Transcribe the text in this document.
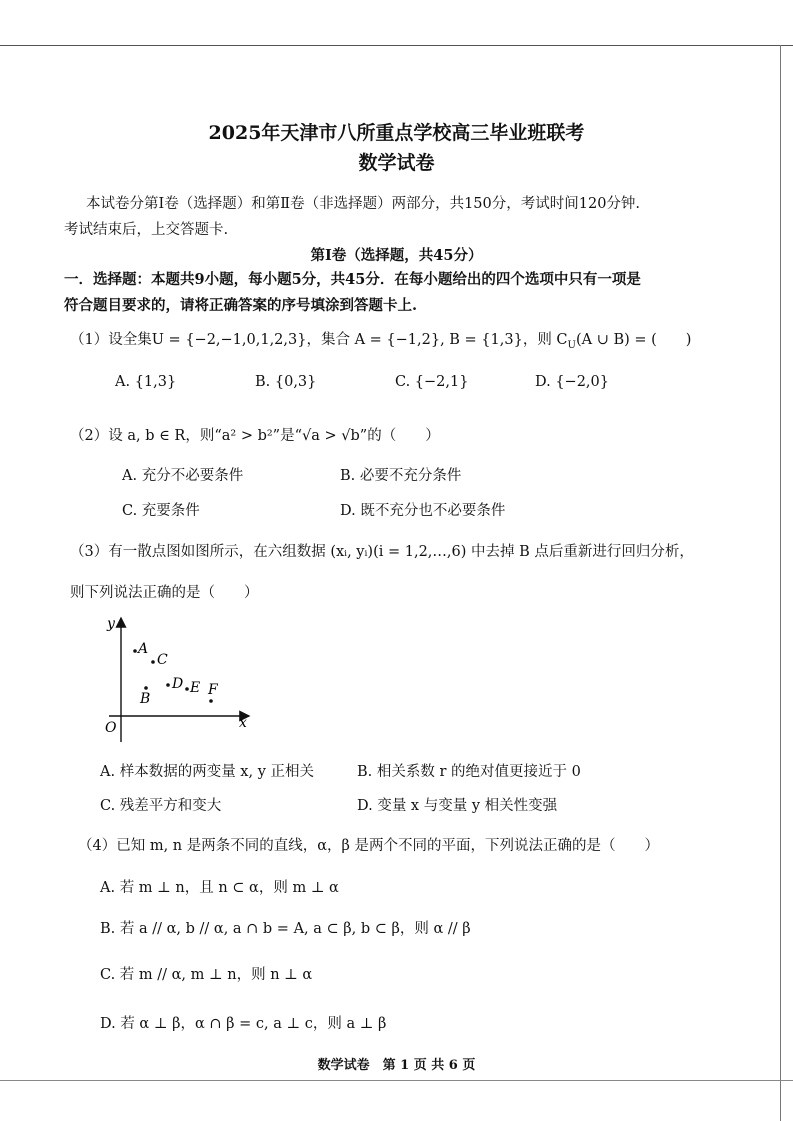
2025年天津市八所重点学校高三毕业班联考
数学试卷
本试卷分第Ⅰ卷（选择题）和第Ⅱ卷（非选择题）两部分，共150分，考试时间120分钟.
考试结束后，上交答题卡.
第Ⅰ卷（选择题，共45分）
一．选择题：本题共9小题，每小题5分，共45分．在每小题给出的四个选项中只有一项是
符合题目要求的，请将正确答案的序号填涂到答题卡上.
（1）设全集U = {−2,−1,0,1,2,3}，集合 A = {−1,2}, B = {1,3}，则 $C_U(A$ ∪ B) = (　　)
A. {1,3}	B. {0,3}	C. {−2,1}	D. {−2,0}
（2）设 a, b ∈ R，则“a² > b²”是“√a > √b”的（　　）
A. 充分不必要条件	B. 必要不充分条件
C. 充要条件	D. 既不充分也不必要条件
（3）有一散点图如图所示，在六组数据 (xᵢ, yᵢ)(i = 1,2,…,6) 中去掉 B 点后重新进行回归分析，
则下列说法正确的是（　　）
y
x
O
A
C
B
D E F
A. 样本数据的两变量 x, y 正相关	B. 相关系数 r 的绝对值更接近于 0
C. 残差平方和变大	D. 变量 x 与变量 y 相关性变强
（4）已知 m, n 是两条不同的直线，α，β 是两个不同的平面，下列说法正确的是（　　）
A. 若 m ⊥ n，且 n ⊂ α，则 m ⊥ α
B. 若 a // α, b // α, a ∩ b = A, a ⊂ β, b ⊂ β，则 α // β
C. 若 m // α, m ⊥ n，则 n ⊥ α
D. 若 α ⊥ β，α ∩ β = c, a ⊥ c，则 a ⊥ β
数学试卷　第 1 页 共 6 页
